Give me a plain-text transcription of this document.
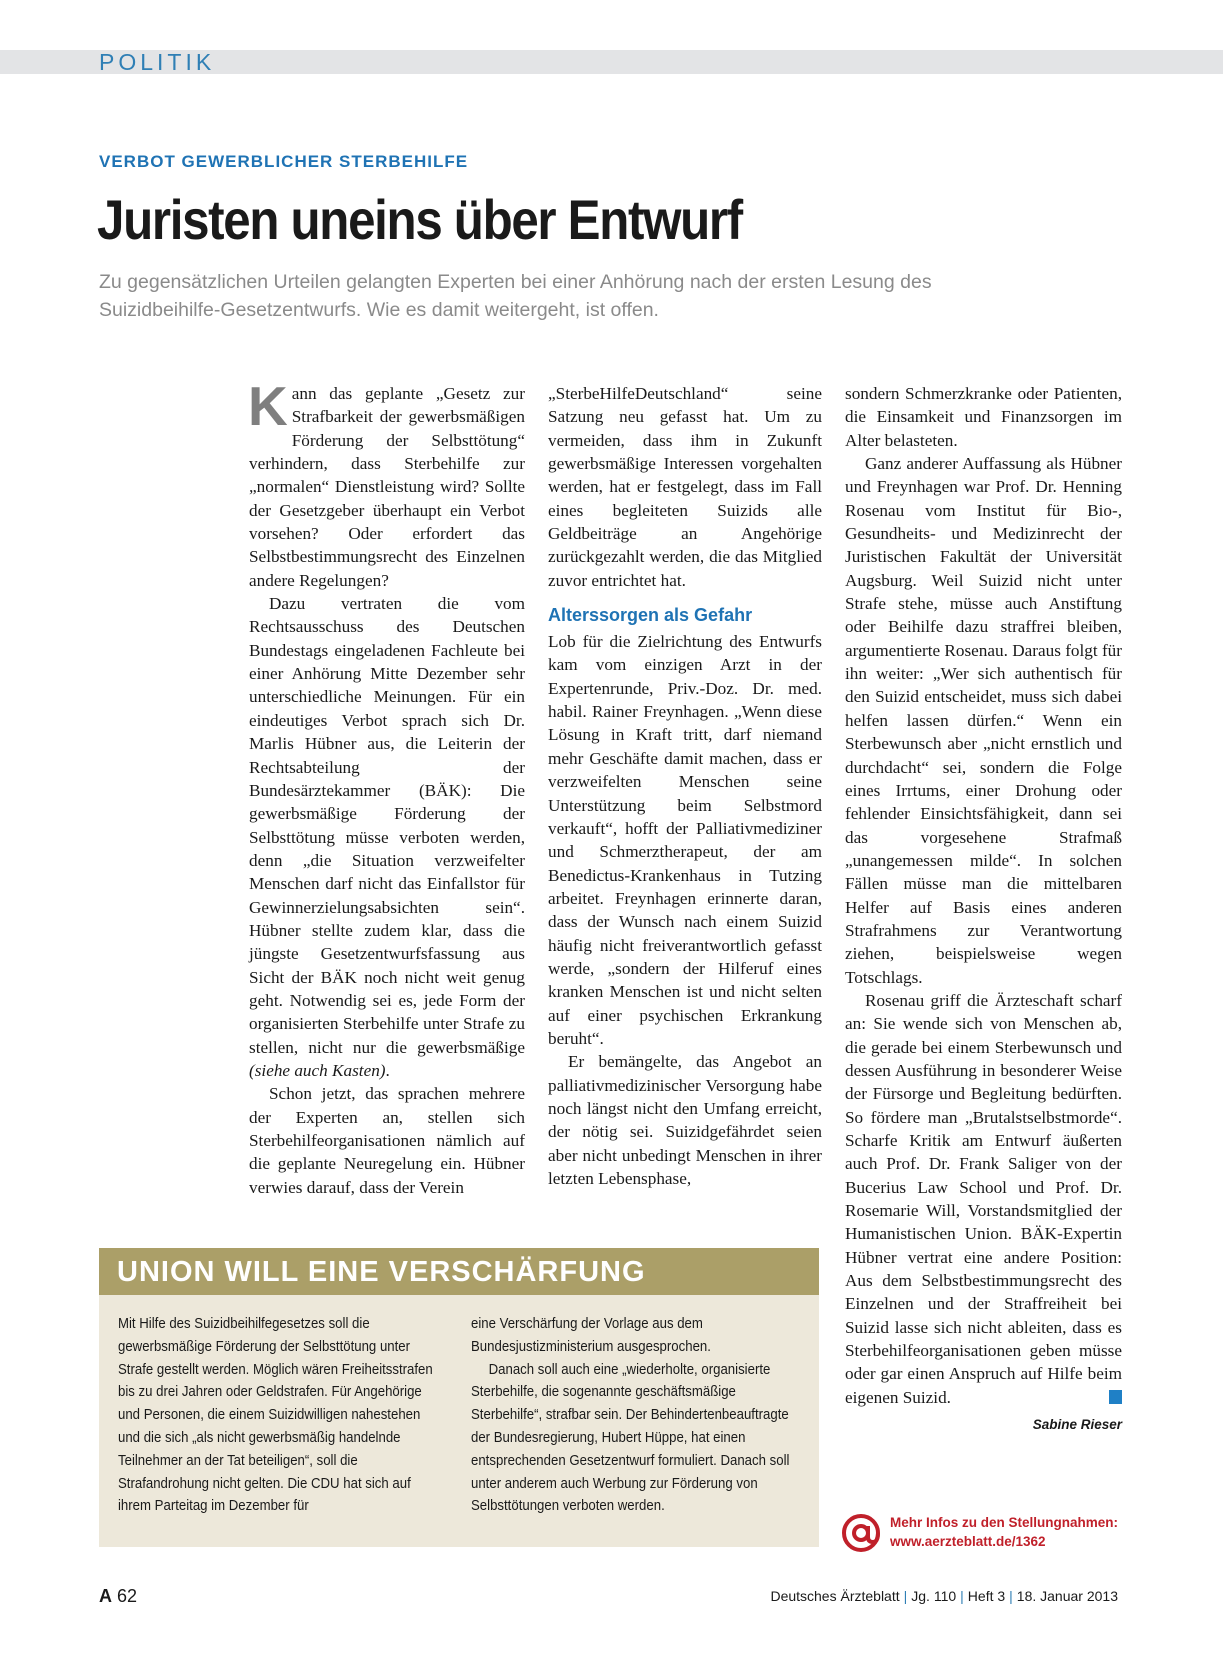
POLITIK
VERBOT GEWERBLICHER STERBEHILFE
Juristen uneins über Entwurf
Zu gegensätzlichen Urteilen gelangten Experten bei einer Anhörung nach der ersten Lesung des Suizidbeihilfe-Gesetzentwurfs. Wie es damit weitergeht, ist offen.

Kann das geplante „Gesetz zur Strafbarkeit der gewerbsmäßigen Förderung der Selbsttötung“ verhindern, dass Sterbehilfe zur „normalen“ Dienstleistung wird? Sollte der Gesetzgeber überhaupt ein Verbot vorsehen? Oder erfordert das Selbstbestimmungsrecht des Einzelnen andere Regelungen?

Dazu vertraten die vom Rechtsausschuss des Deutschen Bundestags eingeladenen Fachleute bei einer Anhörung Mitte Dezember sehr unterschiedliche Meinungen. Für ein eindeutiges Verbot sprach sich Dr. Marlis Hübner aus, die Leiterin der Rechtsabteilung der Bundesärztekammer (BÄK): Die gewerbsmäßige Förderung der Selbsttötung müsse verboten werden, denn „die Situation verzweifelter Menschen darf nicht das Einfallstor für Gewinnerzielungsabsichten sein“. Hübner stellte zudem klar, dass die jüngste Gesetzentwurfsfassung aus Sicht der BÄK noch nicht weit genug geht. Notwendig sei es, jede Form der organisierten Sterbehilfe unter Strafe zu stellen, nicht nur die gewerbsmäßige (siehe auch Kasten).

Schon jetzt, das sprachen mehrere der Experten an, stellen sich Sterbehilfeorganisationen nämlich auf die geplante Neuregelung ein. Hübner verwies darauf, dass der Verein

„SterbeHilfeDeutschland“ seine Satzung neu gefasst hat. Um zu vermeiden, dass ihm in Zukunft gewerbsmäßige Interessen vorgehalten werden, hat er festgelegt, dass im Fall eines begleiteten Suizids alle Geldbeiträge an Angehörige zurückgezahlt werden, die das Mitglied zuvor entrichtet hat.

Alterssorgen als Gefahr

Lob für die Zielrichtung des Entwurfs kam vom einzigen Arzt in der Expertenrunde, Priv.-Doz. Dr. med. habil. Rainer Freynhagen. „Wenn diese Lösung in Kraft tritt, darf niemand mehr Geschäfte damit machen, dass er verzweifelten Menschen seine Unterstützung beim Selbstmord verkauft“, hofft der Palliativmediziner und Schmerztherapeut, der am Benedictus-Krankenhaus in Tutzing arbeitet. Freynhagen erinnerte daran, dass der Wunsch nach einem Suizid häufig nicht freiverantwortlich gefasst werde, „sondern der Hilferuf eines kranken Menschen ist und nicht selten auf einer psychischen Erkrankung beruht“.

Er bemängelte, das Angebot an palliativmedizinischer Versorgung habe noch längst nicht den Umfang erreicht, der nötig sei. Suizidgefährdet seien aber nicht unbedingt Menschen in ihrer letzten Lebensphase,

sondern Schmerzkranke oder Patienten, die Einsamkeit und Finanzsorgen im Alter belasteten.

Ganz anderer Auffassung als Hübner und Freynhagen war Prof. Dr. Henning Rosenau vom Institut für Bio-, Gesundheits- und Medizinrecht der Juristischen Fakultät der Universität Augsburg. Weil Suizid nicht unter Strafe stehe, müsse auch Anstiftung oder Beihilfe dazu straffrei bleiben, argumentierte Rosenau. Daraus folgt für ihn weiter: „Wer sich authentisch für den Suizid entscheidet, muss sich dabei helfen lassen dürfen.“ Wenn ein Sterbewunsch aber „nicht ernstlich und durchdacht“ sei, sondern die Folge eines Irrtums, einer Drohung oder fehlender Einsichtsfähigkeit, dann sei das vorgesehene Strafmaß „unangemessen milde“. In solchen Fällen müsse man die mittelbaren Helfer auf Basis eines anderen Strafrahmens zur Verantwortung ziehen, beispielsweise wegen Totschlags.

Rosenau griff die Ärzteschaft scharf an: Sie wende sich von Menschen ab, die gerade bei einem Sterbewunsch und dessen Ausführung in besonderer Weise der Fürsorge und Begleitung bedürften. So fördere man „Brutalstselbstmorde“. Scharfe Kritik am Entwurf äußerten auch Prof. Dr. Frank Saliger von der Bucerius Law School und Prof. Dr. Rosemarie Will, Vorstandsmitglied der Humanistischen Union. BÄK-Expertin Hübner vertrat eine andere Position: Aus dem Selbstbestimmungsrecht des Einzelnen und der Straffreiheit bei Suizid lasse sich nicht ableiten, dass es Sterbehilfeorganisationen geben müsse oder gar einen Anspruch auf Hilfe beim eigenen Suizid.

Sabine Rieser

UNION WILL EINE VERSCHÄRFUNG

Mit Hilfe des Suizidbeihilfegesetzes soll die gewerbsmäßige Förderung der Selbsttötung unter Strafe gestellt werden. Möglich wären Freiheitsstrafen bis zu drei Jahren oder Geldstrafen. Für Angehörige und Personen, die einem Suizidwilligen nahestehen und die sich „als nicht gewerbsmäßig handelnde Teilnehmer an der Tat beteiligen“, soll die Strafandrohung nicht gelten. Die CDU hat sich auf ihrem Parteitag im Dezember für

eine Verschärfung der Vorlage aus dem Bundesjustizministerium ausgesprochen.

Danach soll auch eine „wiederholte, organisierte Sterbehilfe, die sogenannte geschäftsmäßige Sterbehilfe“, strafbar sein. Der Behindertenbeauftragte der Bundesregierung, Hubert Hüppe, hat einen entsprechenden Gesetzentwurf formuliert. Danach soll unter anderem auch Werbung zur Förderung von Selbsttötungen verboten werden.

Mehr Infos zu den Stellungnahmen:
www.aerzteblatt.de/1362
A 62	Deutsches Ärzteblatt | Jg. 110 | Heft 3 | 18. Januar 2013
